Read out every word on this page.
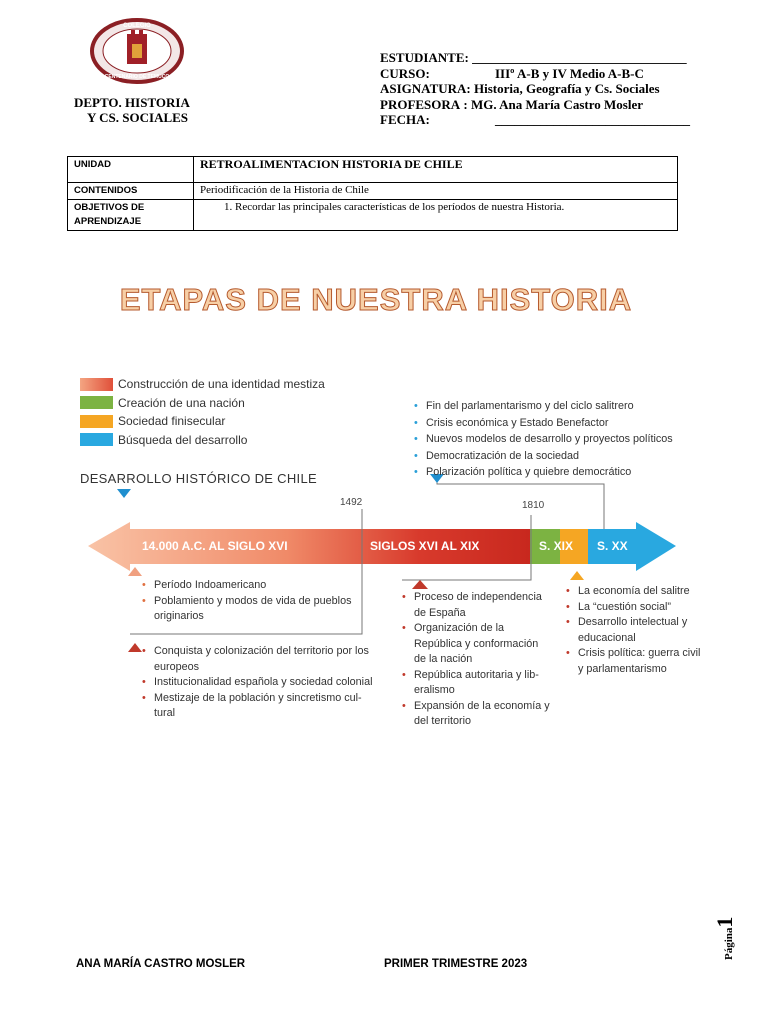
COLEGIO
CENTENARIO DE TEMUCO
DEPTO. HISTORIA
Y CS. SOCIALES
ESTUDIANTE:
_________________________________
CURSO:	IIIº A-B y IV Medio A-B-C
ASIGNATURA:
Historia, Geografía y Cs. Sociales
PROFESORA
: MG. Ana María Castro Mosler
FECHA:	______________________________
UNIDAD	RETROALIMENTACION HISTORIA DE CHILE
CONTENIDOS	Periodificación de la Historia de Chile

OBJETIVOS DE
APRENDIZAJE	1. Recordar las principales características de los períodos de nuestra Historia.
ETAPAS DE NUESTRA HISTORIA
Construcción de una identidad mestiza
Creación de una nación
Sociedad finisecular
Búsqueda del desarrollo
DESARROLLO HISTÓRICO DE CHILE
1492	1810
14.000 A.C. AL SIGLO XVI	SIGLOS XVI AL XIX	S. XIX S. XX
• Fin del parlamentarismo y del ciclo salitrero
• Crisis económica y Estado Benefactor
• Nuevos modelos de desarrollo y proyectos políticos
• Democratización de la sociedad
• Polarización política y quiebre democrático
• Período Indoamericano
• Poblamiento y modos de vida de pueblos originarios
• Conquista y colonización del territorio por los europeos
• Institucionalidad española y sociedad colonial
• Mestizaje de la población y sincretismo cul-tural
• Proceso de independencia de España
• Organización de la República y conformación de la nación
• República autoritaria y lib-eralismo
• Expansión de la economía y del territorio
• La economía del salitre
• La “cuestión social”
• Desarrollo intelectual y educacional
• Crisis política: guerra civil y parlamentarismo
Página1
ANA MARÍA CASTRO MOSLER	PRIMER TRIMESTRE 2023
